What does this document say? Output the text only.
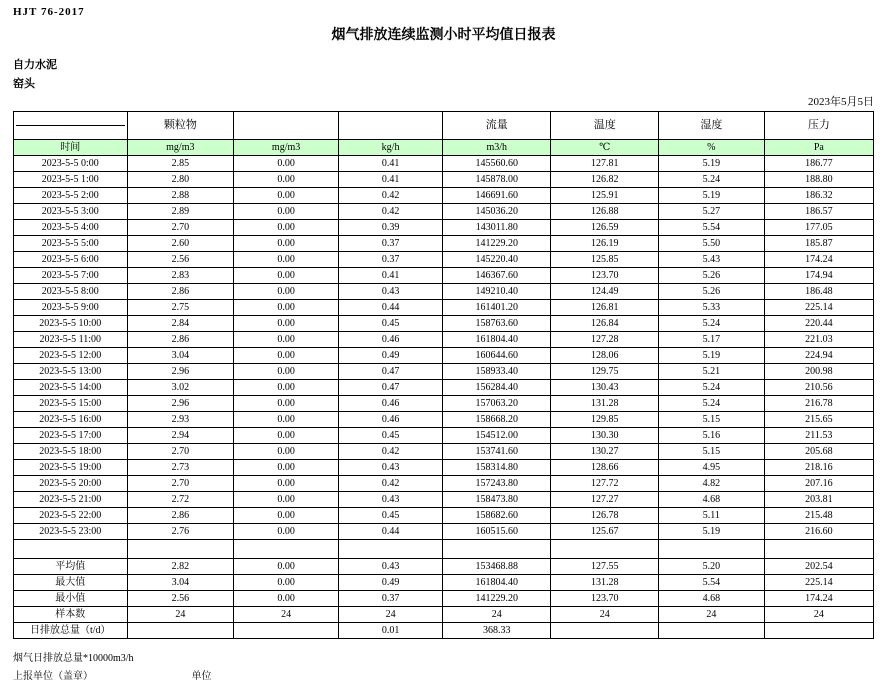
HJT 76-2017
烟气排放连续监测小时平均值日报表
自力水泥
窑头
2023年5月5日
	颗粒物			流量	温度	湿度	压力
时间	mg/m3	mg/m3	kg/h	m3/h	℃	%	Pa
2023-5-5 0:00	2.85	0.00	0.41	145560.60	127.81	5.19	186.77
2023-5-5 1:00	2.80	0.00	0.41	145878.00	126.82	5.24	188.80
2023-5-5 2:00	2.88	0.00	0.42	146691.60	125.91	5.19	186.32
2023-5-5 3:00	2.89	0.00	0.42	145036.20	126.88	5.27	186.57
2023-5-5 4:00	2.70	0.00	0.39	143011.80	126.59	5.54	177.05
2023-5-5 5:00	2.60	0.00	0.37	141229.20	126.19	5.50	185.87
2023-5-5 6:00	2.56	0.00	0.37	145220.40	125.85	5.43	174.24
2023-5-5 7:00	2.83	0.00	0.41	146367.60	123.70	5.26	174.94
2023-5-5 8:00	2.86	0.00	0.43	149210.40	124.49	5.26	186.48
2023-5-5 9:00	2.75	0.00	0.44	161401.20	126.81	5.33	225.14
2023-5-5 10:00	2.84	0.00	0.45	158763.60	126.84	5.24	220.44
2023-5-5 11:00	2.86	0.00	0.46	161804.40	127.28	5.17	221.03
2023-5-5 12:00	3.04	0.00	0.49	160644.60	128.06	5.19	224.94
2023-5-5 13:00	2.96	0.00	0.47	158933.40	129.75	5.21	200.98
2023-5-5 14:00	3.02	0.00	0.47	156284.40	130.43	5.24	210.56
2023-5-5 15:00	2.96	0.00	0.46	157063.20	131.28	5.24	216.78
2023-5-5 16:00	2.93	0.00	0.46	158668.20	129.85	5.15	215.65
2023-5-5 17:00	2.94	0.00	0.45	154512.00	130.30	5.16	211.53
2023-5-5 18:00	2.70	0.00	0.42	153741.60	130.27	5.15	205.68
2023-5-5 19:00	2.73	0.00	0.43	158314.80	128.66	4.95	218.16
2023-5-5 20:00	2.70	0.00	0.42	157243.80	127.72	4.82	207.16
2023-5-5 21:00	2.72	0.00	0.43	158473.80	127.27	4.68	203.81
2023-5-5 22:00	2.86	0.00	0.45	158682.60	126.78	5.11	215.48
2023-5-5 23:00	2.76	0.00	0.44	160515.60	125.67	5.19	216.60

平均值	2.82	0.00	0.43	153468.88	127.55	5.20	202.54
最大值	3.04	0.00	0.49	161804.40	131.28	5.54	225.14
最小值	2.56	0.00	0.37	141229.20	123.70	4.68	174.24
样本数	24	24	24	24	24	24	24
日排放总量（t/d）			0.01	368.33			
烟气日排放总量*10000m3/h
上报单位（盖章）	单位
